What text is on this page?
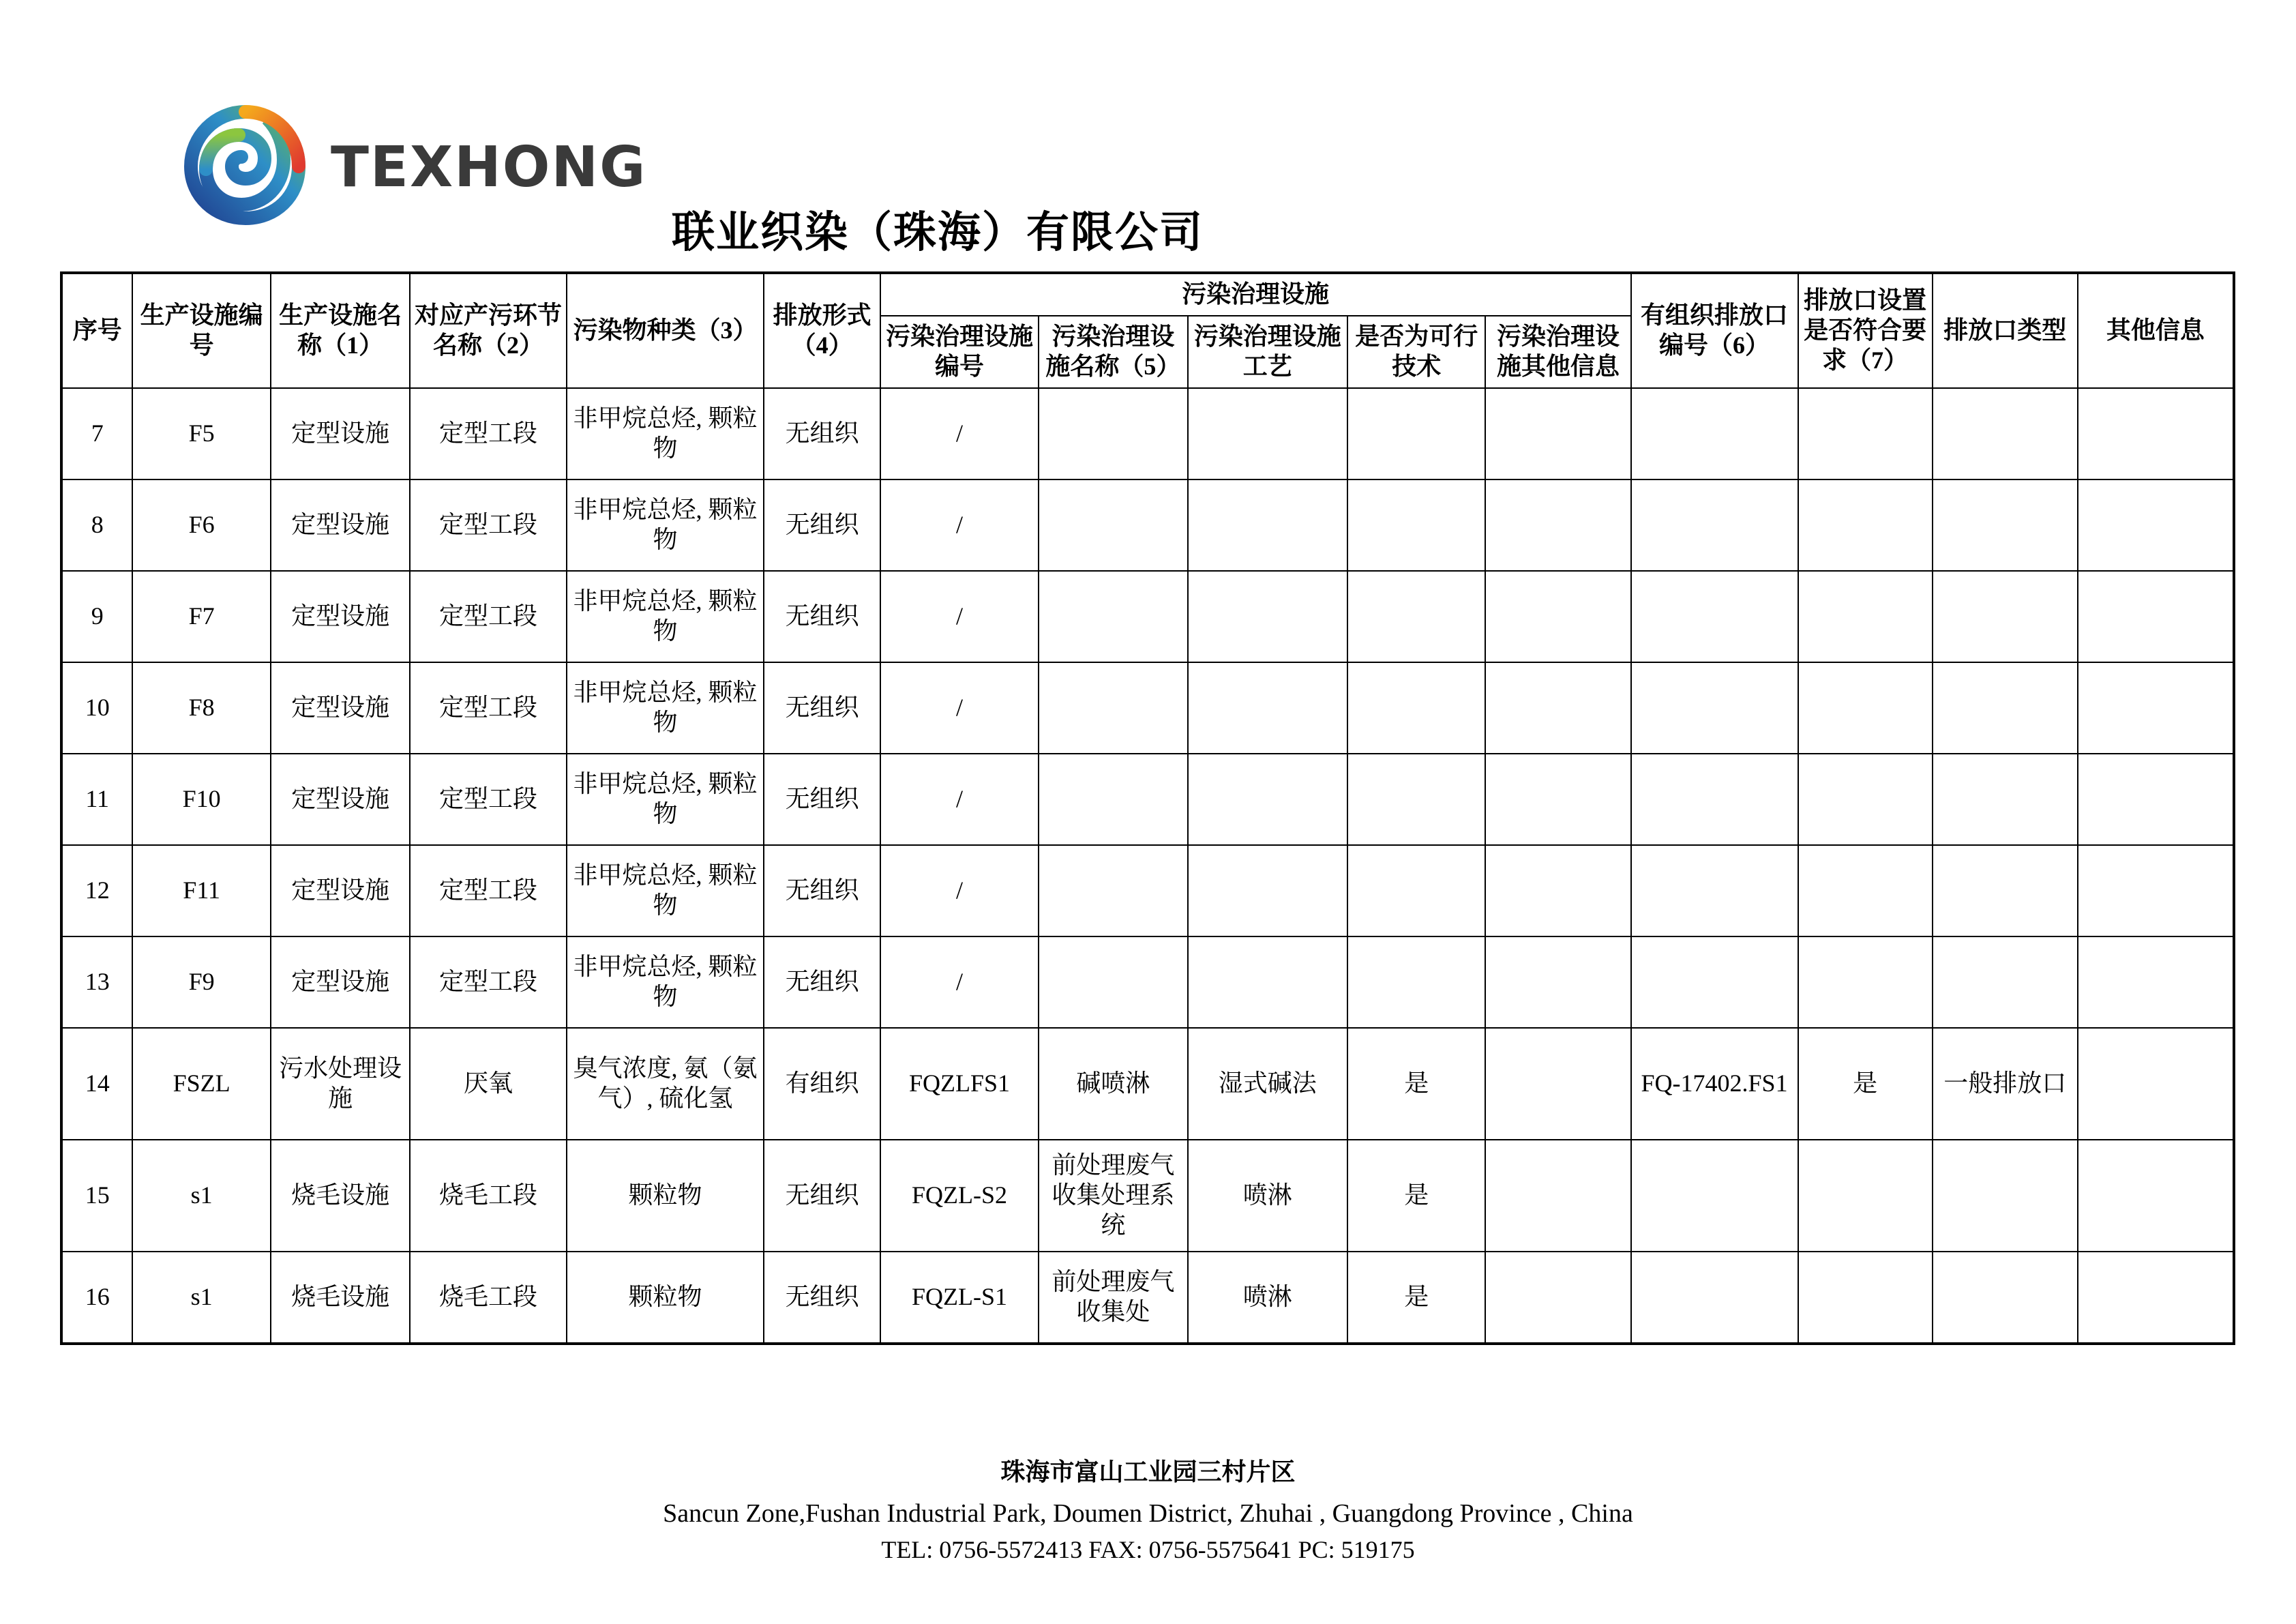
TEXHONG
联业织染（珠海）有限公司
序号	生产设施编号	生产设施名称（1）	对应产污环节名称（2）	污染物种类（3）	排放形式（4）	污染治理设施					有组织排放口编号（6）	排放口设置是否符合要求（7）	排放口类型	其他信息
						污染治理设施编号	污染治理设施名称（5）	污染治理设施工艺	是否为可行技术	污染治理设施其他信息				
7	F5	定型设施	定型工段	非甲烷总烃, 颗粒物	无组织	/								
8	F6	定型设施	定型工段	非甲烷总烃, 颗粒物	无组织	/								
9	F7	定型设施	定型工段	非甲烷总烃, 颗粒物	无组织	/								
10	F8	定型设施	定型工段	非甲烷总烃, 颗粒物	无组织	/								
11	F10	定型设施	定型工段	非甲烷总烃, 颗粒物	无组织	/								
12	F11	定型设施	定型工段	非甲烷总烃, 颗粒物	无组织	/								
13	F9	定型设施	定型工段	非甲烷总烃, 颗粒物	无组织	/								
14	FSZL	污水处理设施	厌氧	臭气浓度, 氨（氨气）, 硫化氢	有组织	FQZLFS1	碱喷淋	湿式碱法	是		FQ-17402.FS1	是	一般排放口	
15	s1	烧毛设施	烧毛工段	颗粒物	无组织	FQZL-S2	前处理废气收集处理系统	喷淋	是					
16	s1	烧毛设施	烧毛工段	颗粒物	无组织	FQZL-S1	前处理废气收集处	喷淋	是					
珠海市富山工业园三村片区
Sancun Zone,Fushan Industrial Park, Doumen District, Zhuhai , Guangdong Province , China
TEL: 0756-5572413 FAX: 0756-5575641 PC: 519175
